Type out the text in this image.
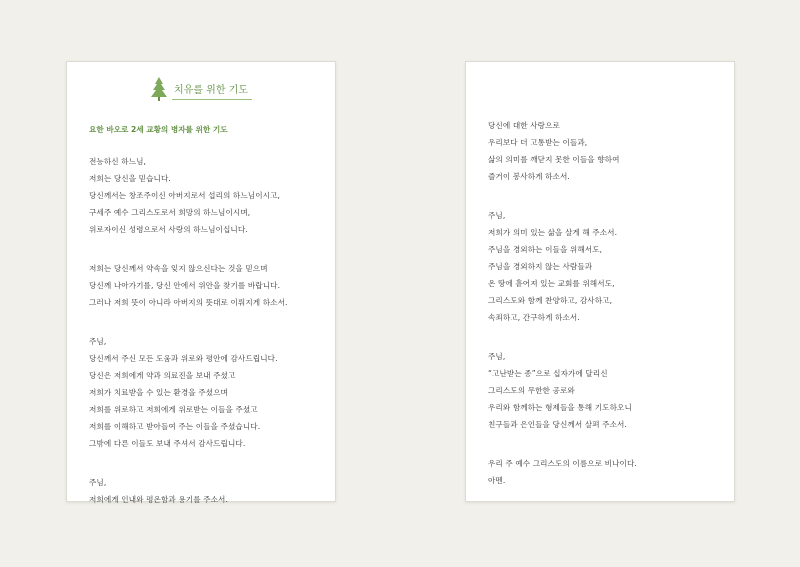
치유를 위한 기도
요한 바오로 2세 교황의 병자를 위한 기도
전능하신 하느님,
저희는 당신을 믿습니다.
당신께서는 창조주이신 아버지로서 섭리의 하느님이시고,
구세주 예수 그리스도로서 희망의 하느님이시며,
위로자이신 성령으로서 사랑의 하느님이십니다.
저희는 당신께서 약속을 잊지 않으신다는 것을 믿으며
당신께 나아가기를, 당신 안에서 위안을 찾기를 바랍니다.
그러나 저희 뜻이 아니라 아버지의 뜻대로 이뤄지게 하소서.
주님,
당신께서 주신 모든 도움과 위로와 평안에 감사드립니다.
당신은 저희에게 약과 의료진을 보내 주셨고
저희가 치료받을 수 있는 환경을 주셨으며
저희를 위로하고 저희에게 위로받는 이들을 주셨고
저희를 이해하고 받아들여 주는 이들을 주셨습니다.
그밖에 다른 이들도 보내 주셔서 감사드립니다.
주님,
저희에게 인내와 평온함과 용기를 주소서.
당신에 대한 사랑으로
우리보다 더 고통받는 이들과,
삶의 의미를 깨닫지 못한 이들을 향하여
즐거이 봉사하게 하소서.
주님,
저희가 의미 있는 삶을 살게 해 주소서.
주님을 경외하는 이들을 위해서도,
주님을 경외하지 않는 사람들과
온 땅에 흩어져 있는 교회를 위해서도,
그리스도와 함께 찬양하고, 감사하고,
속죄하고, 간구하게 하소서.
주님,
“고난받는 종”으로 십자가에 달리신
그리스도의 무한한 공로와
우리와 함께하는 형제들을 통해 기도하오니
친구들과 은인들을 당신께서 살펴 주소서.
우리 주 예수 그리스도의 이름으로 비나이다.
아멘.
